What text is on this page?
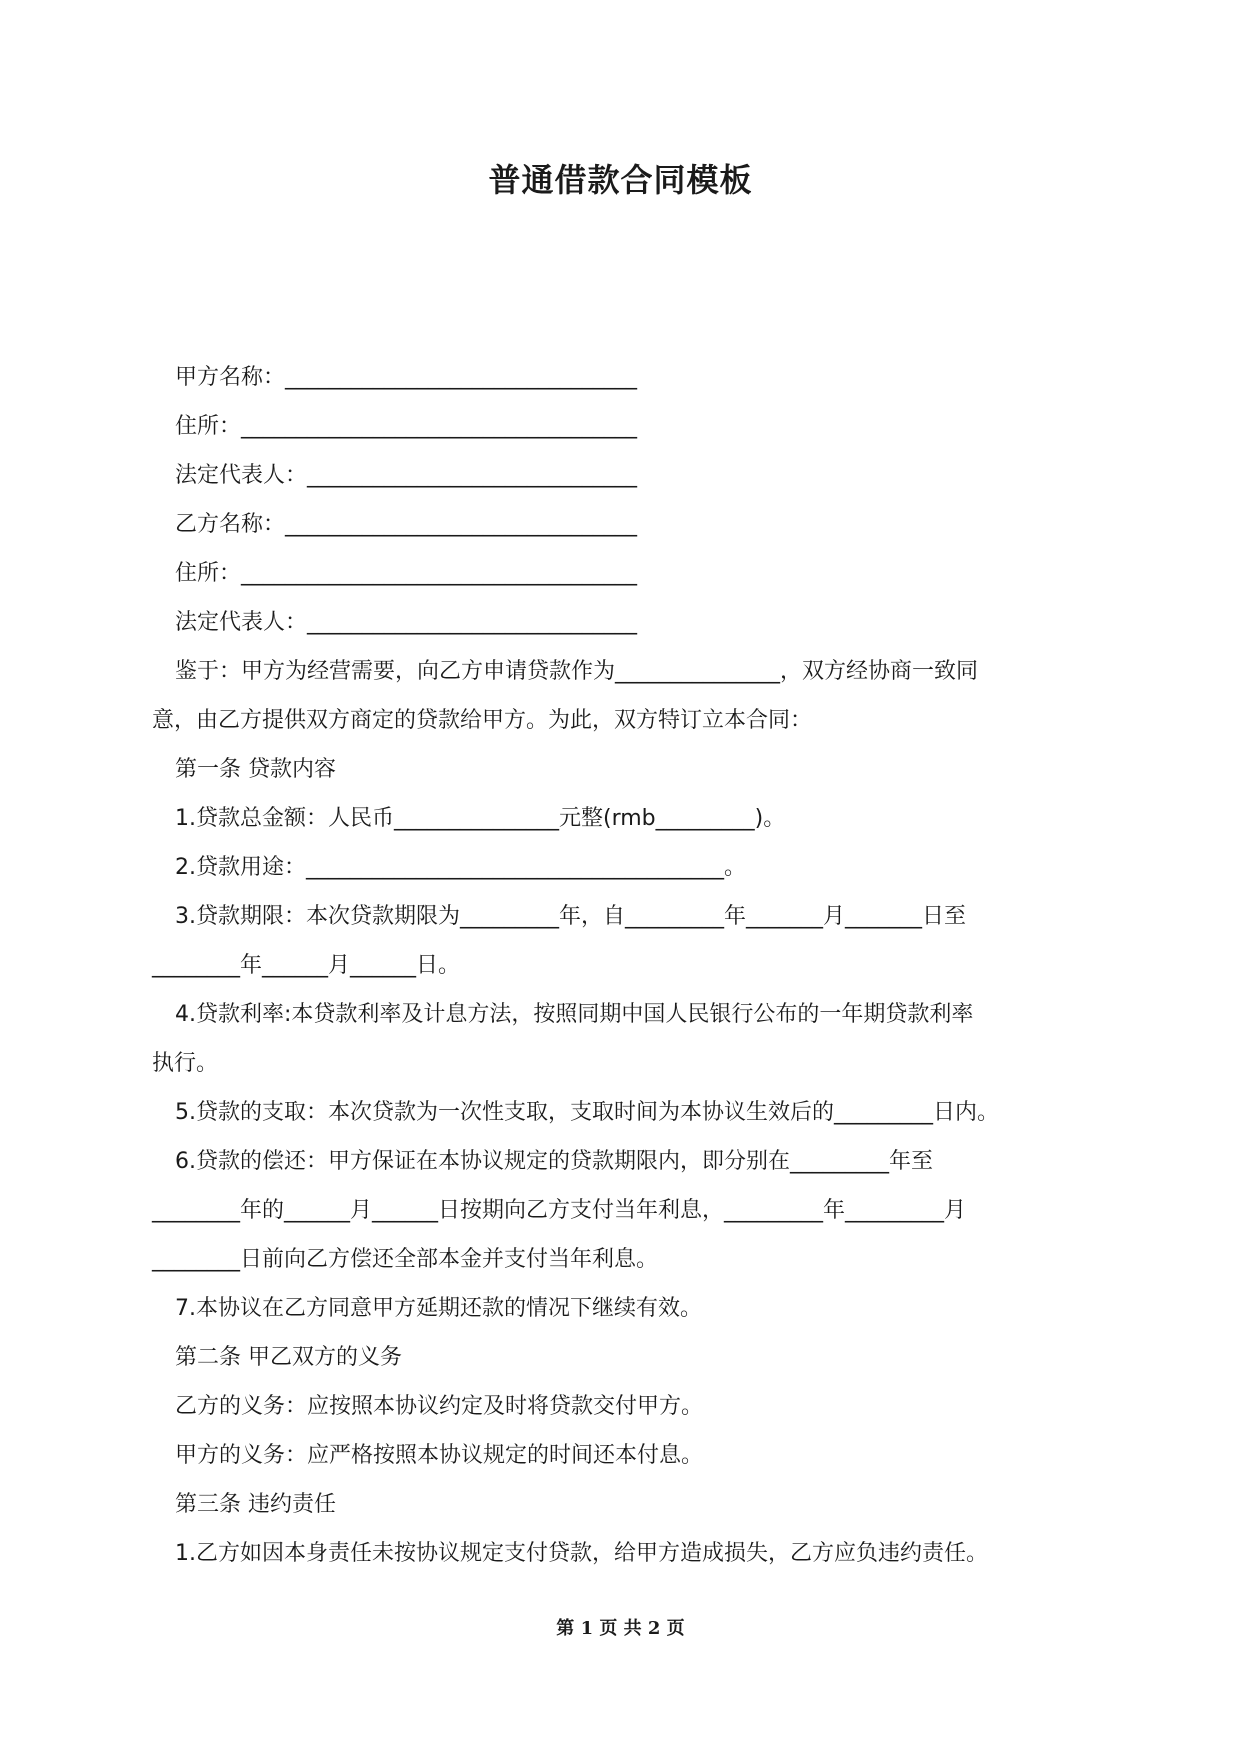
普通借款合同模板

甲方名称：________________________________

住所：____________________________________

法定代表人：______________________________

乙方名称：________________________________

住所：____________________________________

法定代表人：______________________________

鉴于：甲方为经营需要，向乙方申请贷款作为_______________，双方经协商一致同

意，由乙方提供双方商定的贷款给甲方。为此，双方特订立本合同：

第一条 贷款内容

1.贷款总金额：人民币_______________元整(rmb_________)。

2.贷款用途：______________________________________。

3.贷款期限：本次贷款期限为_________年，自_________年_______月_______日至

________年______月______日。

4.贷款利率:本贷款利率及计息方法，按照同期中国人民银行公布的一年期贷款利率

执行。

5.贷款的支取：本次贷款为一次性支取，支取时间为本协议生效后的_________日内。

6.贷款的偿还：甲方保证在本协议规定的贷款期限内，即分别在_________年至

________年的______月______日按期向乙方支付当年利息，_________年_________月

________日前向乙方偿还全部本金并支付当年利息。

7.本协议在乙方同意甲方延期还款的情况下继续有效。

第二条 甲乙双方的义务

乙方的义务：应按照本协议约定及时将贷款交付甲方。

甲方的义务：应严格按照本协议规定的时间还本付息。

第三条 违约责任

1.乙方如因本身责任未按协议规定支付贷款，给甲方造成损失，乙方应负违约责任。

第 1 页 共 2 页
